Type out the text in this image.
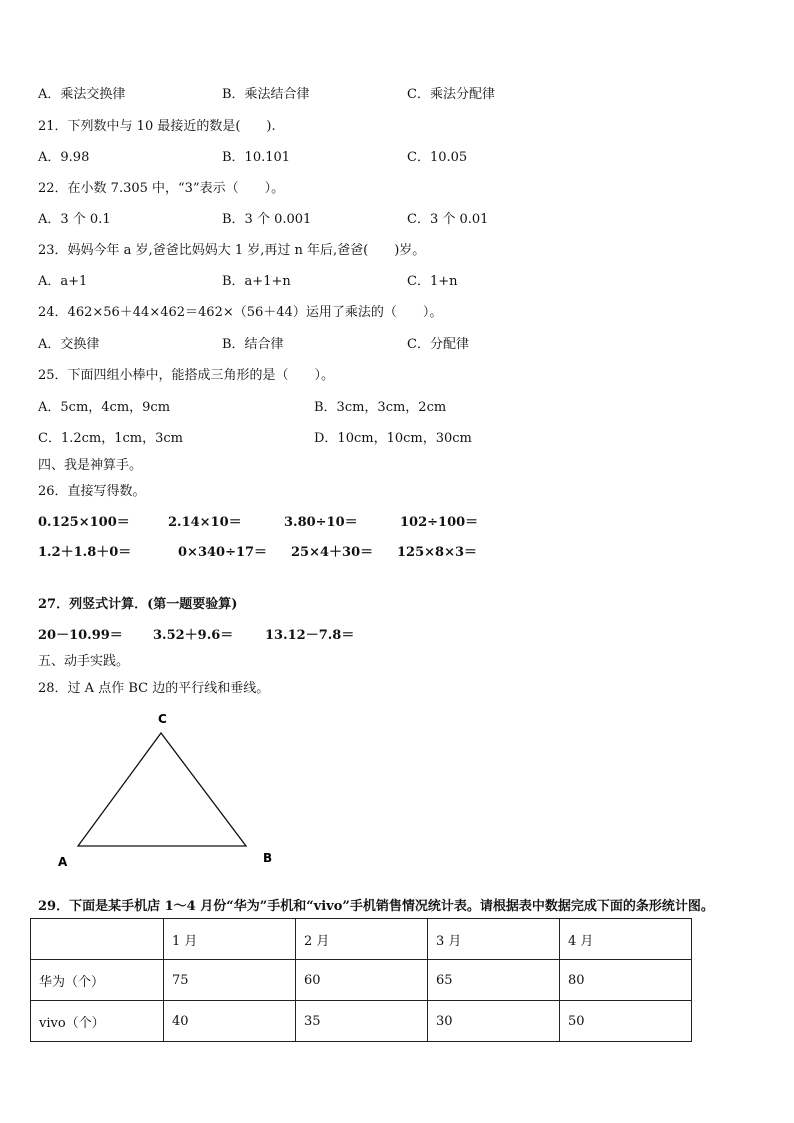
A．乘法交换律	B．乘法结合律	C．乘法分配律
21．下列数中与 10 最接近的数是(　　).
A．9.98	B．10.101	C．10.05
22．在小数 7.305 中，“3”表示（　　）。
A．3 个 0.1	B．3 个 0.001	C．3 个 0.01
23．妈妈今年 a 岁,爸爸比妈妈大 1 岁,再过 n 年后,爸爸(　　)岁。
A．a+1	B．a+1+n	C．1+n
24．462×56＋44×462＝462×（56＋44）运用了乘法的（　　）。
A．交换律	B．结合律	C．分配律
25．下面四组小棒中，能搭成三角形的是（　　）。
A．5cm，4cm，9cm	B．3cm，3cm，2cm
C．1.2cm，1cm，3cm	D．10cm，10cm，30cm
四、我是神算手。
26．直接写得数。
0.125×100＝	2.14×10＝	3.80÷10＝	102÷100＝
1.2＋1.8＋0＝	0×340÷17＝ 25×4＋30＝ 125×8×3＝
27．列竖式计算．(第一题要验算)
20－10.99＝ 3.52＋9.6＝ 13.12－7.8＝
五、动手实践。
28．过 A 点作 BC 边的平行线和垂线。
C
A	B
29．下面是某手机店 1～4 月份“华为”手机和“vivo”手机销售情况统计表。请根据表中数据完成下面的条形统计图。
	1 月	2 月	3 月	4 月
华为（个）	75	60	65	80
vivo（个）	40	35	30	50
